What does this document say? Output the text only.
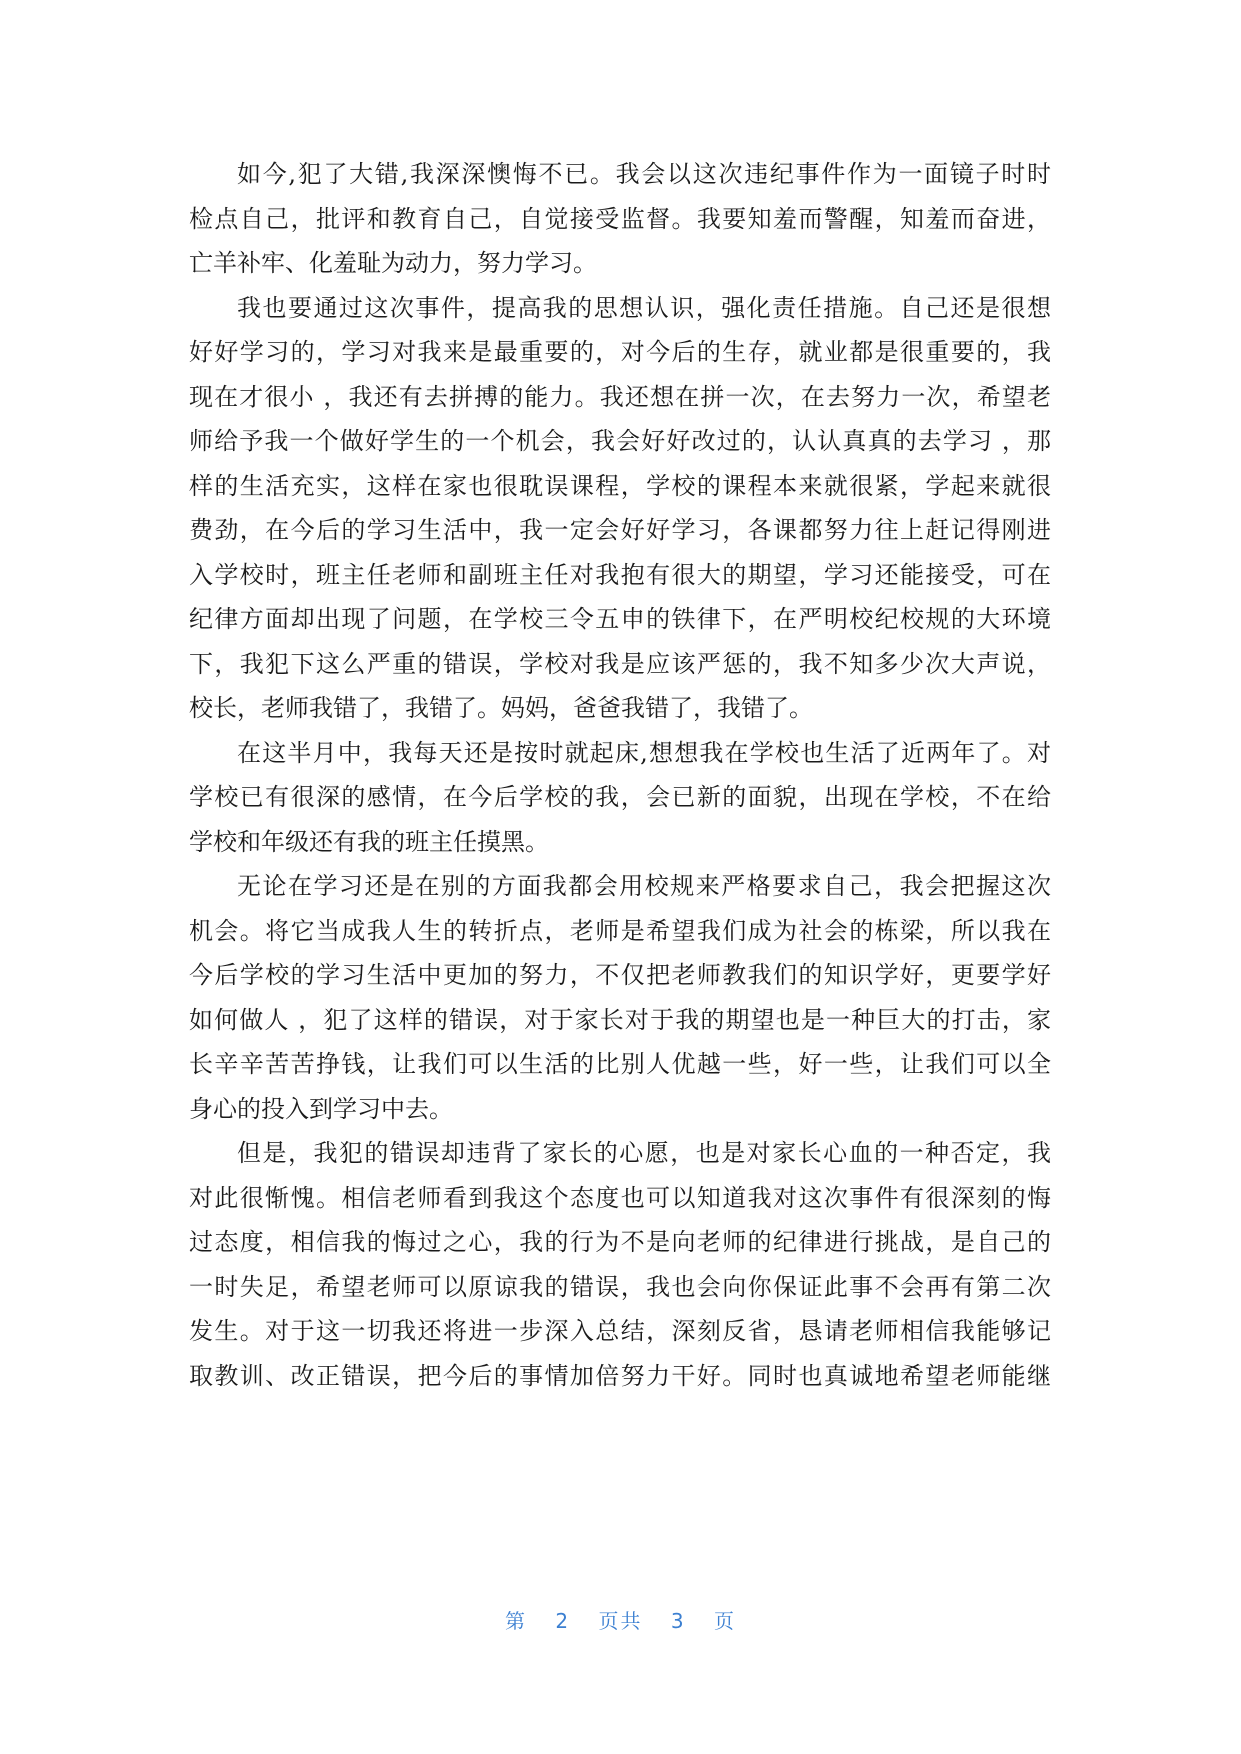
如今,犯了大错,我深深懊悔不已。我会以这次违纪事件作为一面镜子时时
检点自己，批评和教育自己，自觉接受监督。我要知羞而警醒，知羞而奋进，
亡羊补牢、化羞耻为动力，努力学习。
我也要通过这次事件，提高我的思想认识，强化责任措施。自己还是很想
好好学习的，学习对我来是最重要的，对今后的生存，就业都是很重要的，我
现在才很小 ，我还有去拼搏的能力。我还想在拼一次，在去努力一次，希望老
师给予我一个做好学生的一个机会，我会好好改过的，认认真真的去学习 ，那
样的生活充实，这样在家也很耽误课程，学校的课程本来就很紧，学起来就很
费劲，在今后的学习生活中，我一定会好好学习，各课都努力往上赶记得刚进
入学校时，班主任老师和副班主任对我抱有很大的期望，学习还能接受，可在
纪律方面却出现了问题，在学校三令五申的铁律下，在严明校纪校规的大环境
下，我犯下这么严重的错误，学校对我是应该严惩的，我不知多少次大声说，
校长，老师我错了，我错了。妈妈，爸爸我错了，我错了。
在这半月中，我每天还是按时就起床,想想我在学校也生活了近两年了。对
学校已有很深的感情，在今后学校的我，会已新的面貌，出现在学校，不在给
学校和年级还有我的班主任摸黑。
无论在学习还是在别的方面我都会用校规来严格要求自己，我会把握这次
机会。将它当成我人生的转折点，老师是希望我们成为社会的栋梁，所以我在
今后学校的学习生活中更加的努力，不仅把老师教我们的知识学好，更要学好
如何做人 ，犯了这样的错误，对于家长对于我的期望也是一种巨大的打击，家
长辛辛苦苦挣钱，让我们可以生活的比别人优越一些，好一些，让我们可以全
身心的投入到学习中去。
但是，我犯的错误却违背了家长的心愿，也是对家长心血的一种否定，我
对此很惭愧。相信老师看到我这个态度也可以知道我对这次事件有很深刻的悔
过态度，相信我的悔过之心，我的行为不是向老师的纪律进行挑战，是自己的
一时失足，希望老师可以原谅我的错误，我也会向你保证此事不会再有第二次
发生。对于这一切我还将进一步深入总结，深刻反省，恳请老师相信我能够记
取教训、改正错误，把今后的事情加倍努力干好。同时也真诚地希望老师能继
第 2 页共 3 页
